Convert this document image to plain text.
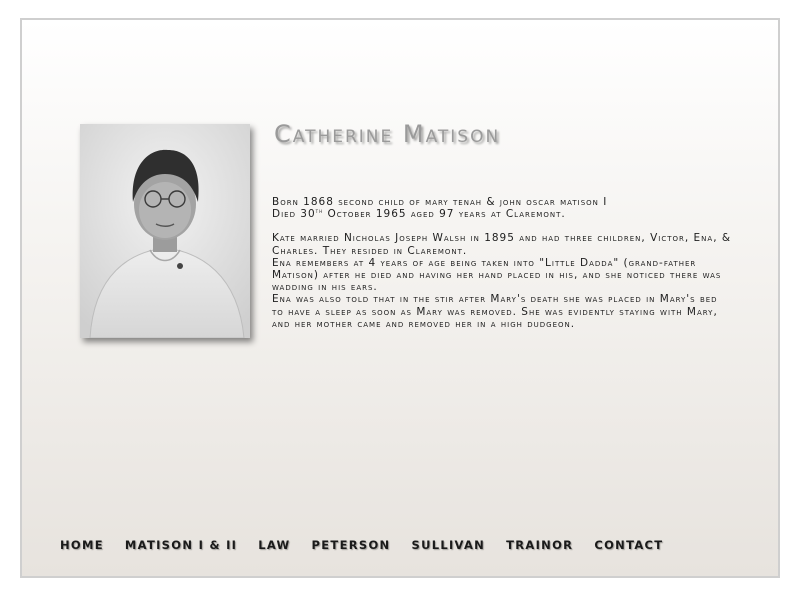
Catherine Matison

Born 1868 second child of mary tenah & john oscar matison I

Died 30th October 1965 aged 97 years at Claremont.

Kate married Nicholas Joseph Walsh in 1895 and had three children, Victor, Ena, & Charles. They resided in Claremont.

Ena remembers at 4 years of age being taken into "Little Dadda" (grand-father Matison) after he died and having her hand placed in his, and she noticed there was wadding in his ears.

Ena was also told that in the stir after Mary's death she was placed in Mary's bed to have a sleep as soon as Mary was removed. She was evidently staying with Mary, and her mother came and removed her in a high dudgeon.

HOME MATISON I & II LAW PETERSON SULLIVAN TRAINOR CONTACT
